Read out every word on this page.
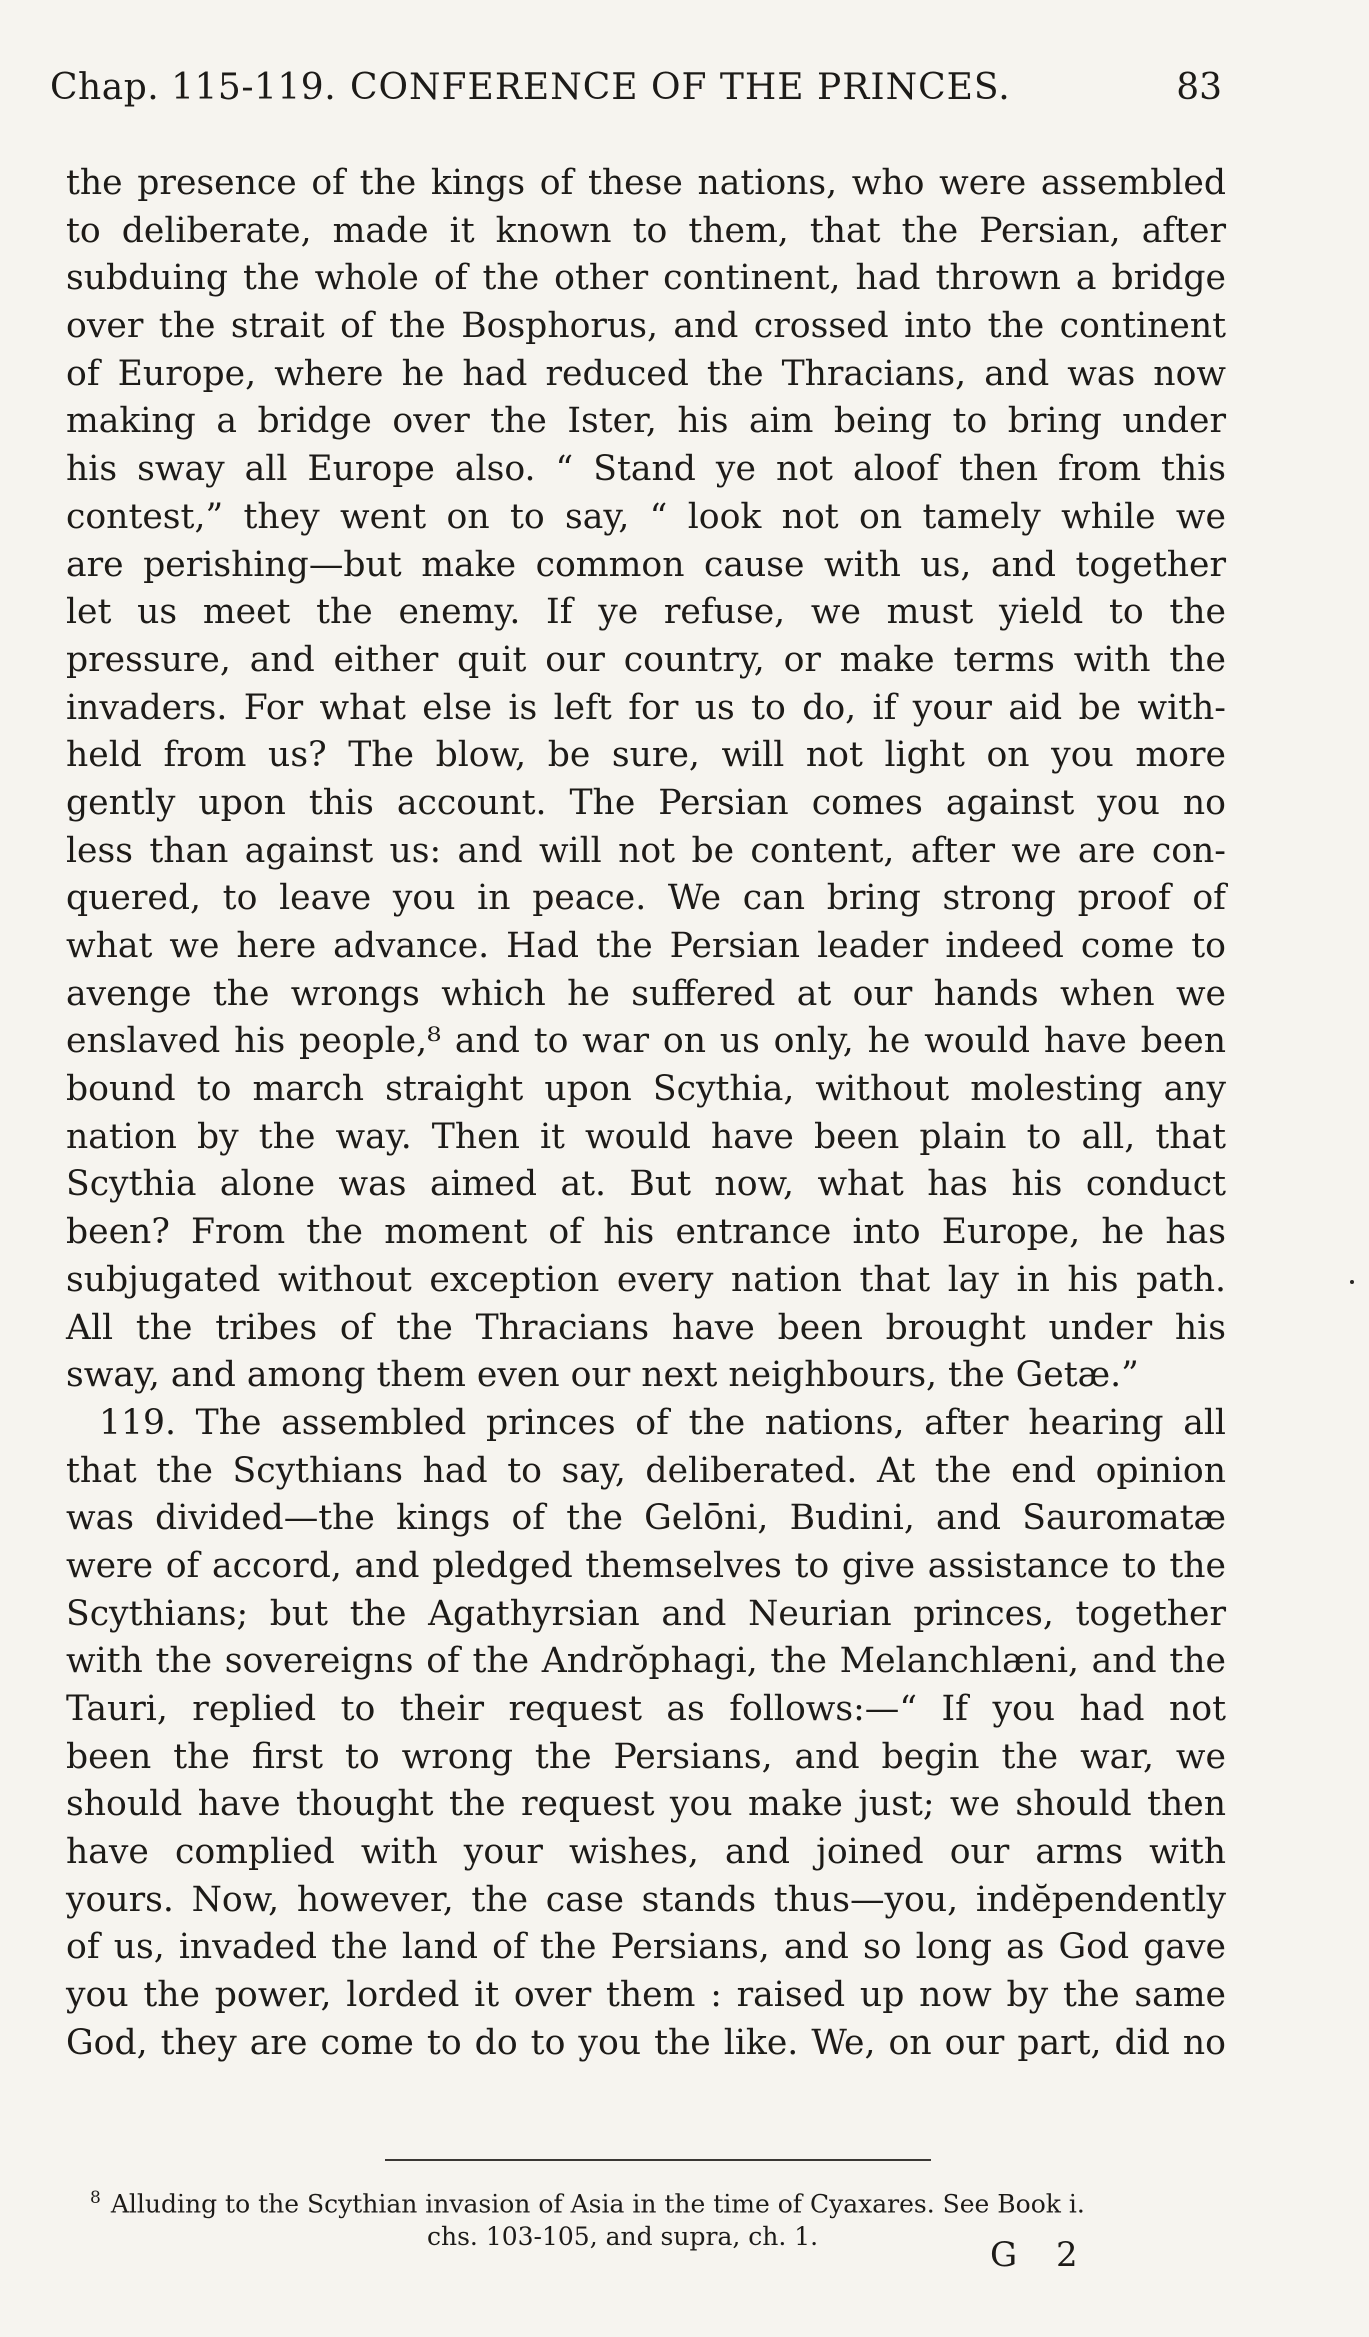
Chap. 115-119. CONFERENCE OF THE PRINCES.	83
the presence of the kings of these nations, who were assembled
to deliberate, made it known to them, that the Persian, after
subduing the whole of the other continent, had thrown a bridge
over the strait of the Bosphorus, and crossed into the continent
of Europe, where he had reduced the Thracians, and was now
making a bridge over the Ister, his aim being to bring under
his sway all Europe also. “ Stand ye not aloof then from this
contest,” they went on to say, “ look not on tamely while we
are perishing—but make common cause with us, and together
let us meet the enemy. If ye refuse, we must yield to the
pressure, and either quit our country, or make terms with the
invaders. For what else is left for us to do, if your aid be with-
held from us? The blow, be sure, will not light on you more
gently upon this account. The Persian comes against you no
less than against us: and will not be content, after we are con-
quered, to leave you in peace. We can bring strong proof of
what we here advance. Had the Persian leader indeed come to
avenge the wrongs which he suffered at our hands when we
enslaved his people,⁸ and to war on us only, he would have been
bound to march straight upon Scythia, without molesting any
nation by the way. Then it would have been plain to all, that
Scythia alone was aimed at. But now, what has his conduct
been? From the moment of his entrance into Europe, he has
subjugated without exception every nation that lay in his path.
All the tribes of the Thracians have been brought under his
sway, and among them even our next neighbours, the Getæ.”
119. The assembled princes of the nations, after hearing all
that the Scythians had to say, deliberated. At the end opinion
was divided—the kings of the Gelōni, Budini, and Sauromatæ
were of accord, and pledged themselves to give assistance to the
Scythians; but the Agathyrsian and Neurian princes, together
with the sovereigns of the Andrŏphagi, the Melanchlæni, and the
Tauri, replied to their request as follows:—“ If you had not
been the first to wrong the Persians, and begin the war, we
should have thought the request you make just; we should then
have complied with your wishes, and joined our arms with
yours. Now, however, the case stands thus—you, indĕpendently
of us, invaded the land of the Persians, and so long as God gave
you the power, lorded it over them : raised up now by the same
God, they are come to do to you the like. We, on our part, did no
$^8$ Alluding to the Scythian invasion of Asia in the time of Cyaxares. See Book i.
chs. 103-105, and supra, ch. 1.	G 2
